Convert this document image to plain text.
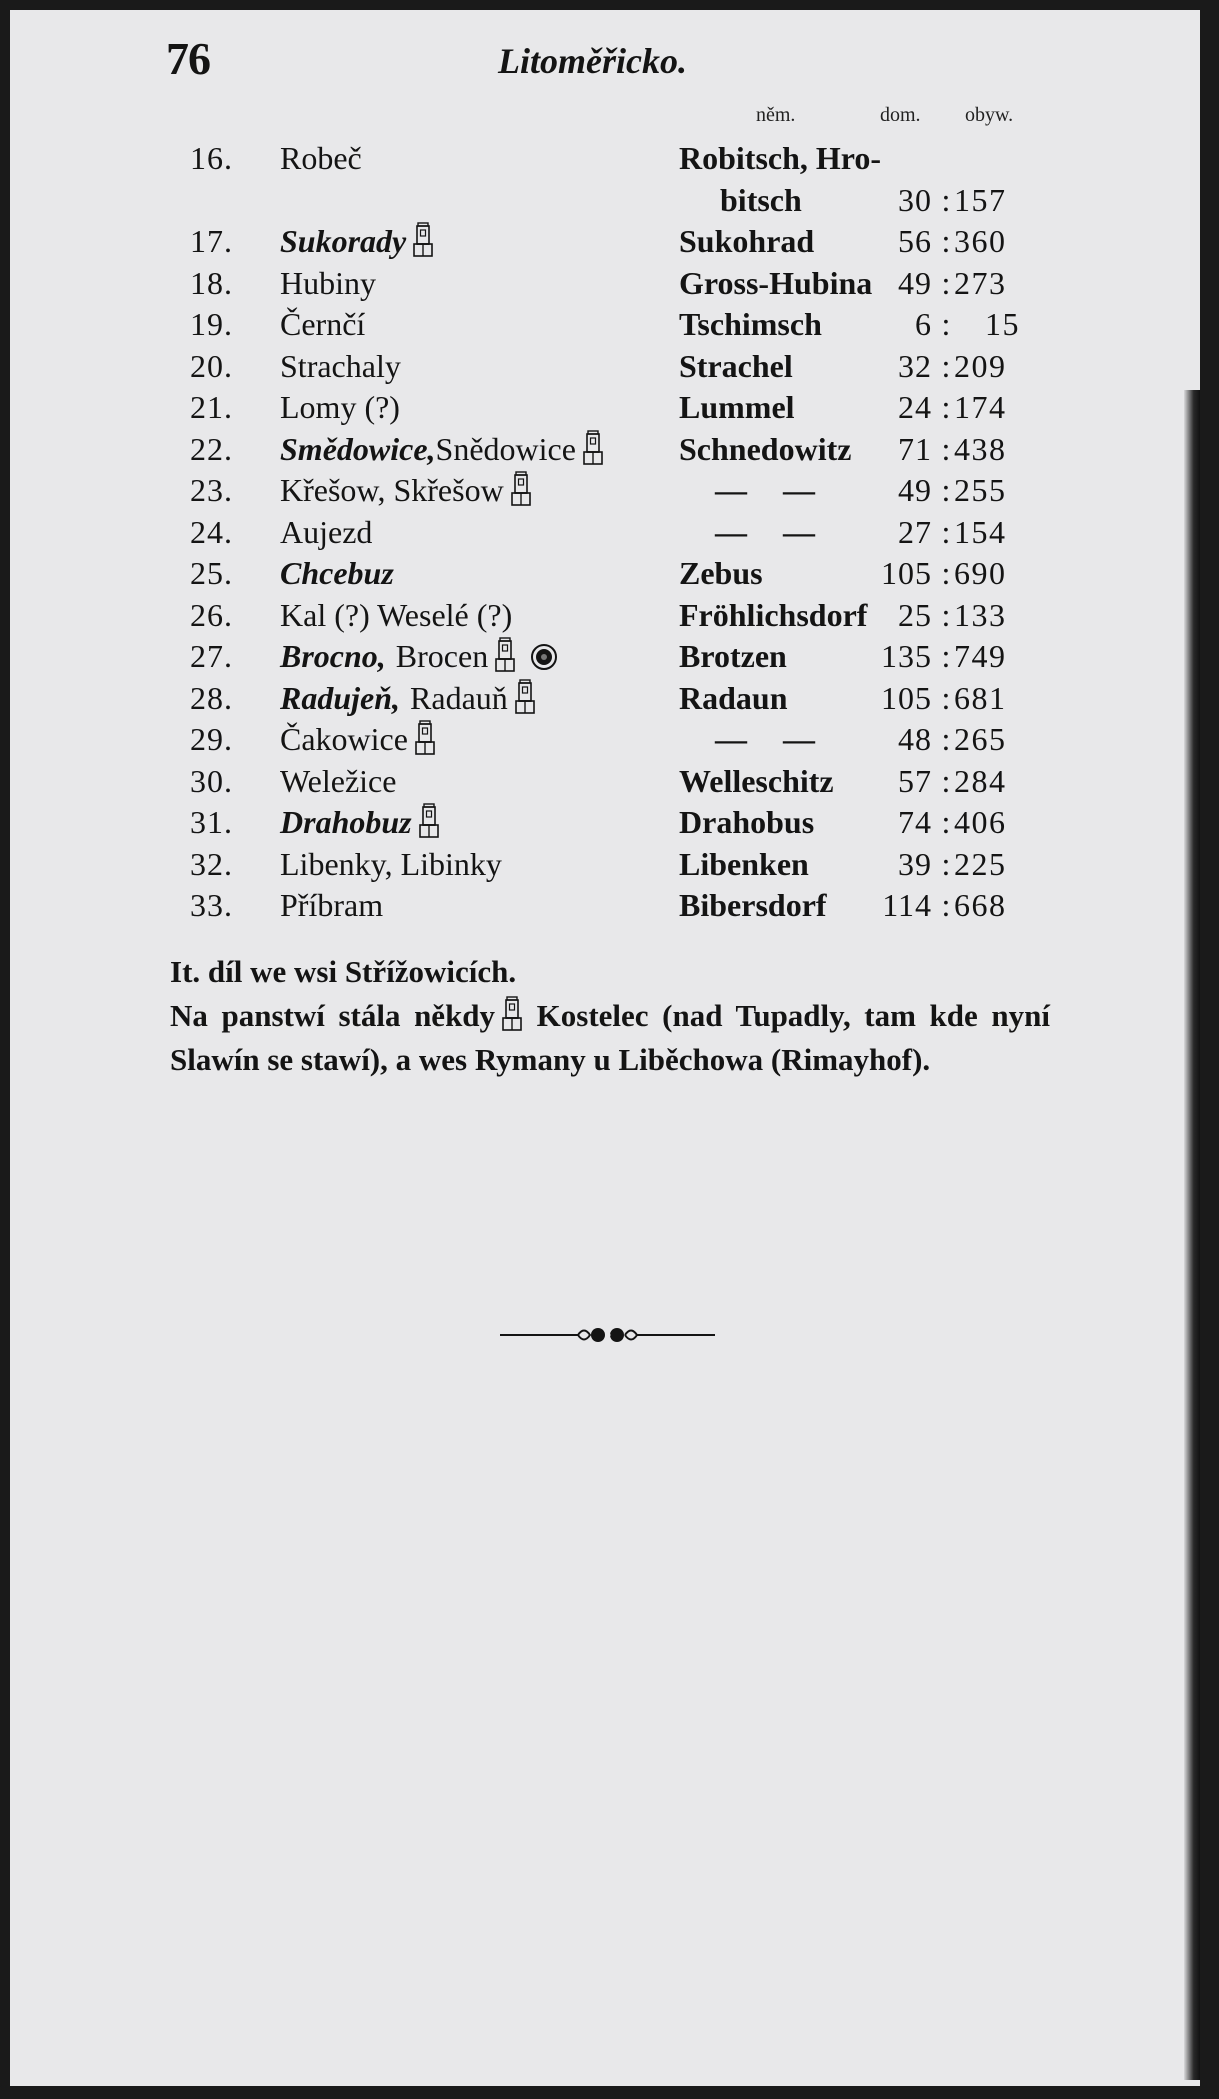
76	Litoměřicko.
něm.	dom. obyw.
16.	Robeč	Robitsch, Hro-
bitsch	30 : 157
17.	Sukorady	Sukohrad	56 : 360
18.	Hubiny	Gross-Hubina 49 : 273
19.	Černčí	Tschimsch	6 :	15
20.	Strachaly	Strachel	32 : 209
21.	Lomy (?)	Lummel	24 : 174
22.	Smědowice,Snědowice	Schnedowitz	71 : 438
23.	Křešow, Skřešow	— —	49 : 255
24.	Aujezd	— —	27 : 154
25.	Chcebuz	Zebus	105 : 690
26.	Kal (?) Weselé (?)	Fröhlichsdorf 25 : 133
27.	Brocno, Brocen	Brotzen	135 : 749
28.	Radujeň, Radauň	Radaun	105 : 681
29.	Čakowice	— —	48 : 265
30.	Weležice	Welleschitz	57 : 284
31.	Drahobuz	Drahobus	74 : 406
32.	Libenky, Libinky	Libenken	39 : 225
33.	Příbram	Bibersdorf	114 : 668

It. díl we wsi Střížowicích.

Na panstwí stála někdy Kostelec (nad Tupadly, tam kde nyní Slawín se stawí), a wes Rymany u Liběchowa (Rimayhof).
